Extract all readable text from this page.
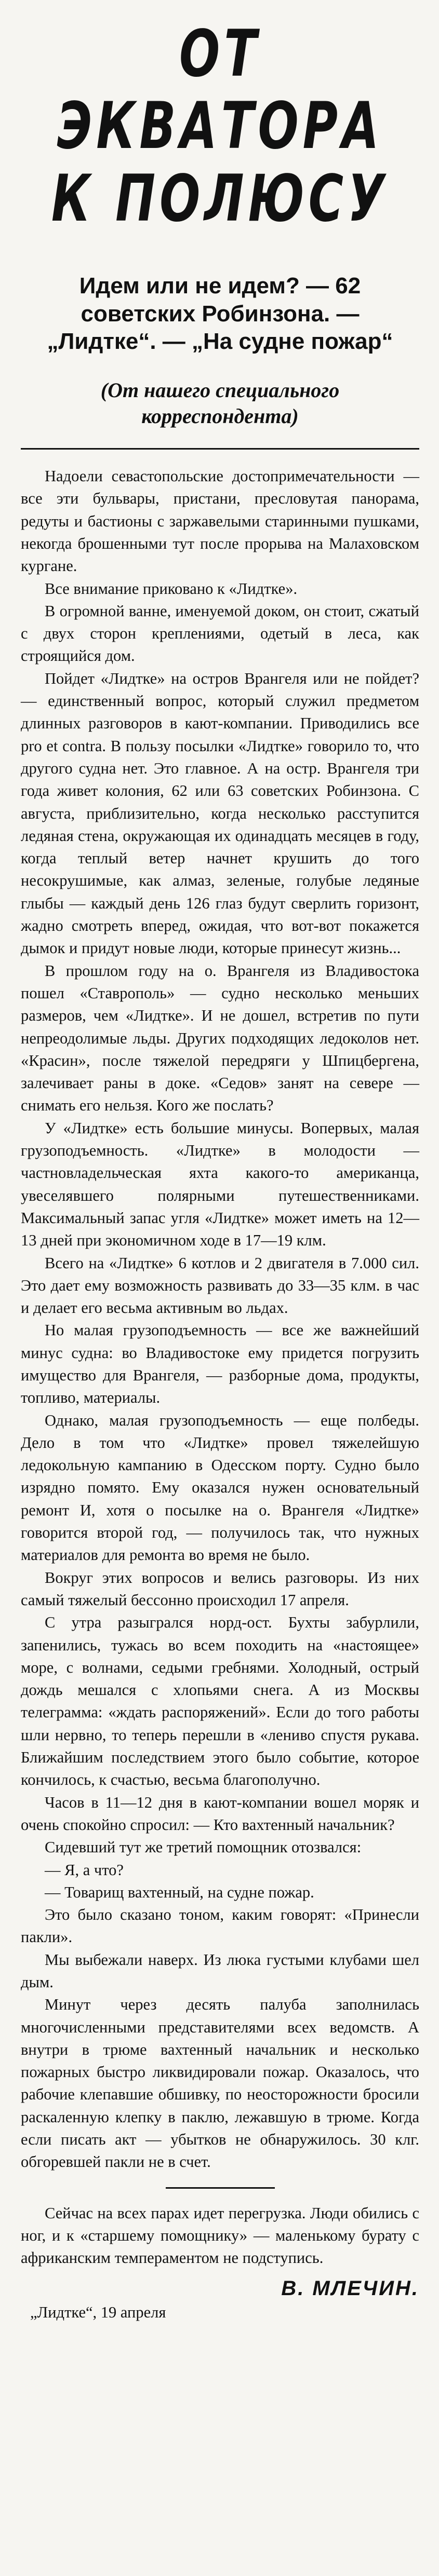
ОТ ЭКВАТОРА
К ПОЛЮСУ
Идем или не идем? — 62 советских Робинзона. — „Лидтке“. — „На судне пожар“
(От нашего специального корреспондента)

Надоели севастопольские достопримечательности — все эти бульвары, пристани, пресловутая панорама, редуты и бастионы с заржавелыми старинными пушками, некогда брошенными тут после прорыва на Малаховском кургане.

Все внимание приковано к «Лидтке».

В огромной ванне, именуемой доком, он стоит, сжатый с двух сторон креплениями, одетый в леса, как строящийся дом.

Пойдет «Лидтке» на остров Врангеля или не пойдет? — единственный вопрос, который служил предметом длинных разговоров в кают-компании. Приводились все pro et contra. В пользу посылки «Лидтке» говорило то, что другого судна нет. Это главное. А на остр. Врангеля три года живет колония, 62 или 63 советских Робинзона. С августа, приблизительно, когда несколько расступится ледяная стена, окружающая их одинадцать месяцев в году, когда теплый ветер начнет крушить до того несокрушимые, как алмаз, зеленые, голубые ледяные глыбы — каждый день 126 глаз будут сверлить горизонт, жадно смотреть вперед, ожидая, что вот-вот покажется дымок и придут новые люди, которые принесут жизнь...

В прошлом году на о. Врангеля из Владивостока пошел «Ставрополь» — судно несколько меньших размеров, чем «Лидтке». И не дошел, встретив по пути непреодолимые льды. Других подходящих ледоколов нет. «Красин», после тяжелой передряги у Шпицбергена, залечивает раны в доке. «Седов» занят на севере — снимать его нельзя. Кого же послать?

У «Лидтке» есть большие минусы. Вопервых, малая грузоподъемность. «Лидтке» в молодости — частновладельческая яхта какого-то американца, увеселявшего полярными путешественниками. Максимальный запас угля «Лидтке» может иметь на 12—13 дней при экономичном ходе в 17—19 клм.

Всего на «Лидтке» 6 котлов и 2 двигателя в 7.000 сил. Это дает ему возможность развивать до 33—35 клм. в час и делает его весьма активным во льдах.

Но малая грузоподъемность — все же важнейший минус судна: во Владивостоке ему придется погрузить имущество для Врангеля, — разборные дома, продукты, топливо, материалы.

Однако, малая грузоподъемность — еще полбеды. Дело в том что «Лидтке» провел тяжелейшую ледокольную кампанию в Одесском порту. Судно было изрядно помято. Ему оказался нужен основательный ремонт И, хотя о посылке на о. Врангеля «Лидтке» говорится второй год, — получилось так, что нужных материалов для ремонта во время не было.

Вокруг этих вопросов и велись разговоры. Из них самый тяжелый бессонно происходил 17 апреля.

С утра разыгрался норд-ост. Бухты забурлили, запенились, тужась во всем походить на «настоящее» море, с волнами, седыми гребнями. Холодный, острый дождь мешался с хлопьями снега. А из Москвы телеграмма: «ждать распоряжений». Если до того работы шли нервно, то теперь перешли в «лениво спустя рукава. Ближайшим последствием этого было событие, которое кончилось, к счастью, весьма благополучно.

Часов в 11—12 дня в кают-компании вошел моряк и очень спокойно спросил: — Кто вахтенный начальник?

Сидевший тут же третий помощник отозвался:

— Я, а что?

— Товарищ вахтенный, на судне пожар.

Это было сказано тоном, каким говорят: «Принесли пакли».

Мы выбежали наверх. Из люка густыми клубами шел дым.

Минут через десять палуба заполнилась многочисленными представителями всех ведомств. А внутри в трюме вахтенный начальник и несколько пожарных быстро ликвидировали пожар. Оказалось, что рабочие клепавшие обшивку, по неосторожности бросили раскаленную клепку в паклю, лежавшую в трюме. Когда если писать акт — убытков не обнаружилось. 30 клг. обгоревшей пакли не в счет.

Сейчас на всех парах идет перегрузка. Люди обились с ног, и к «старшему помощнику» — маленькому бурату с африканским темпераментом не подступись.

В. МЛЕЧИН.
„Лидтке“, 19 апреля
